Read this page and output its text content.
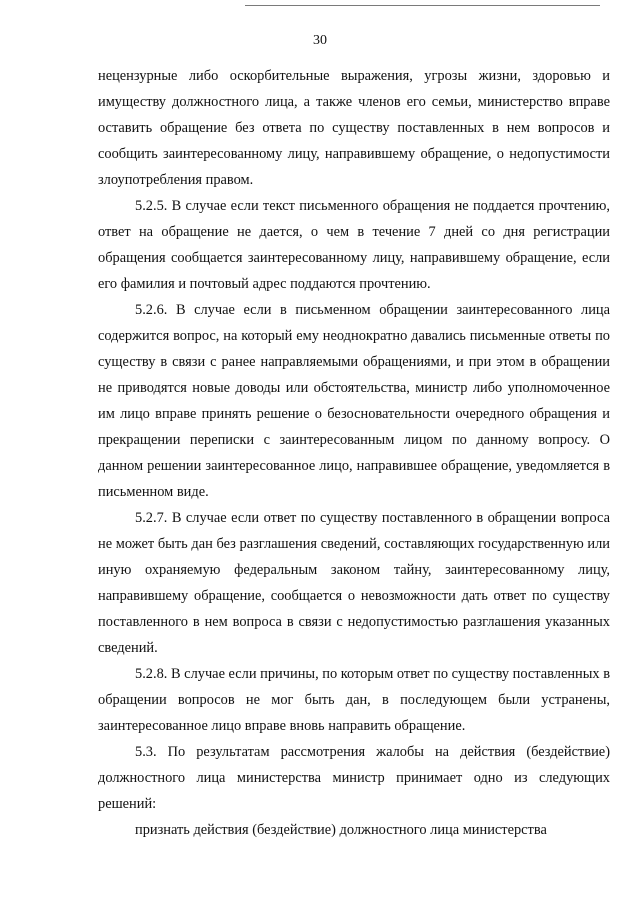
30

нецензурные либо оскорбительные выражения, угрозы жизни, здоровью и имуществу должностного лица, а также членов его семьи, министерство вправе оставить обращение без ответа по существу поставленных в нем вопросов и сообщить заинтересованному лицу, направившему обращение, о недопустимости злоупотребления правом.

5.2.5. В случае если текст письменного обращения не поддается прочтению, ответ на обращение не дается, о чем в течение 7 дней со дня регистрации обращения сообщается заинтересованному лицу, направившему обращение, если его фамилия и почтовый адрес поддаются прочтению.

5.2.6. В случае если в письменном обращении заинтересованного лица содержится вопрос, на который ему неоднократно давались письменные ответы по существу в связи с ранее направляемыми обращениями, и при этом в обращении не приводятся новые доводы или обстоятельства, министр либо уполномоченное им лицо вправе принять решение о безосновательности очередного обращения и прекращении переписки с заинтересованным лицом по данному вопросу. О данном решении заинтересованное лицо, направившее обращение, уведомляется в письменном виде.

5.2.7. В случае если ответ по существу поставленного в обращении вопроса не может быть дан без разглашения сведений, составляющих государственную или иную охраняемую федеральным законом тайну, заинтересованному лицу, направившему обращение, сообщается о невозможности дать ответ по существу поставленного в нем вопроса в связи с недопустимостью разглашения указанных сведений.

5.2.8. В случае если причины, по которым ответ по существу поставленных в обращении вопросов не мог быть дан, в последующем были устранены, заинтересованное лицо вправе вновь направить обращение.

5.3. По результатам рассмотрения жалобы на действия (бездействие) должностного лица министерства министр принимает одно из следующих решений:

признать действия (бездействие) должностного лица министерства
